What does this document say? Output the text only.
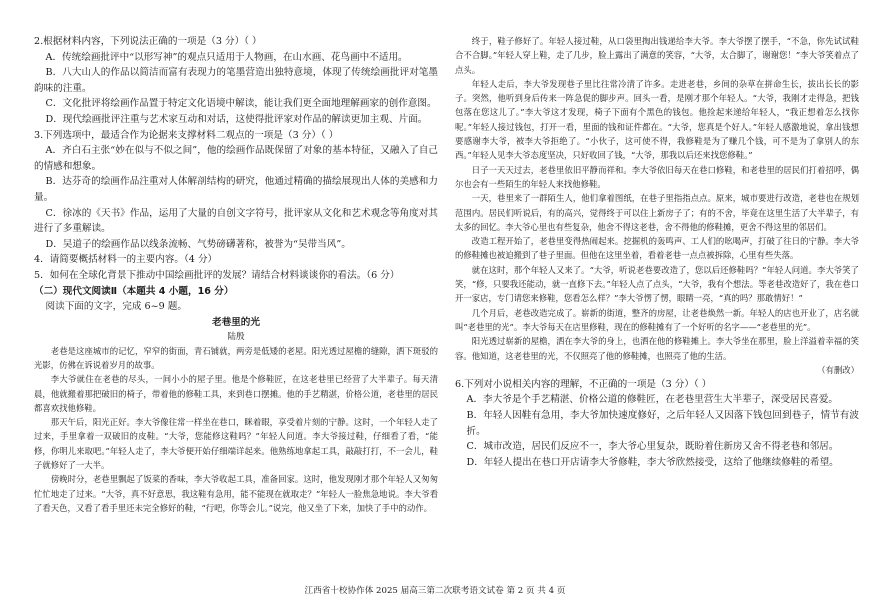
2.根据材料内容，下列说法正确的一项是（3 分）（ ）

A．传统绘画批评中“以形写神”的观点只适用于人物画，在山水画、花鸟画中不适用。

B．八大山人的作品以简洁而富有表现力的笔墨营造出独特意境，体现了传统绘画批评对笔墨韵味的注重。

C．文化批评将绘画作品置于特定文化语境中解读，能让我们更全面地理解画家的创作意图。

D．现代绘画批评注重与艺术家互动和对话，这使得批评家对作品的解读更加主观、片面。

3.下列选项中，最适合作为论据来支撑材料二观点的一项是（3 分）（ ）

A．齐白石主张“妙在似与不似之间”，他的绘画作品既保留了对象的基本特征，又融入了自己的情感和想象。

B．达芬奇的绘画作品注重对人体解剖结构的研究，他通过精确的描绘展现出人体的美感和力量。

C．徐冰的《天书》作品，运用了大量的自创文字符号，批评家从文化和艺术观念等角度对其进行了多重解读。

D．吴道子的绘画作品以线条流畅、气势磅礴著称，被誉为“吴带当风”。

4．请简要概括材料一的主要内容。（4 分）

5．如何在全球化背景下推动中国绘画批评的发展？请结合材料谈谈你的看法。（6 分）

（二）现代文阅读Ⅱ（本题共 4 小题，16 分）

阅读下面的文字，完成 6~9 题。

老巷里的光

陆殷

老巷是这座城市的记忆，窄窄的街面，青石铺就，两旁是低矮的老屋。阳光透过屋檐的缝隙，洒下斑驳的光影，仿佛在诉说着岁月的故事。

李大爷就住在老巷的尽头，一间小小的屋子里。他是个修鞋匠，在这老巷里已经营了大半辈子。每天清晨，他就搬着那把破旧的椅子，带着他的修鞋工具，来到巷口摆摊。他的手艺精湛，价格公道，老巷里的居民都喜欢找他修鞋。

那天午后，阳光正好。李大爷像往常一样坐在巷口，眯着眼，享受着片刻的宁静。这时，一个年轻人走了过来，手里拿着一双破旧的皮鞋。“大爷，您能修这鞋吗？”年轻人问道。李大爷接过鞋，仔细看了看，“能修，你明儿来取吧。”年轻人走了，李大爷便开始仔细端详起来。他熟练地拿起工具，敲敲打打，不一会儿，鞋子就修好了一大半。

傍晚时分，老巷里飘起了饭菜的香味，李大爷收起工具，准备回家。这时，他发现刚才那个年轻人又匆匆忙忙地走了过来。“大爷，真不好意思，我这鞋有急用，能不能现在就取走？”年轻人一脸焦急地说。李大爷看了看天色，又看了看手里还未完全修好的鞋，“行吧，你等会儿。”说完，他又坐了下来，加快了手中的动作。

终于，鞋子修好了。年轻人接过鞋，从口袋里掏出钱递给李大爷。李大爷摆了摆手，“不急，你先试试鞋合不合脚。”年轻人穿上鞋，走了几步，脸上露出了满意的笑容，“大爷，太合脚了，谢谢您！”李大爷笑着点了点头。

年轻人走后，李大爷发现巷子里比往常冷清了许多。走进老巷，乡间的杂草在拼命生长，拔出长长的影子。突然，他听到身后传来一阵急促的脚步声。回头一看，是刚才那个年轻人。“大爷，我刚才走得急，把钱包落在您这儿了。”李大爷这才发现，椅子下面有个黑色的钱包。他捡起来递给年轻人，“我正想着怎么找你呢。”年轻人接过钱包，打开一看，里面的钱和证件都在。“大爷，您真是个好人。”年轻人感激地说，拿出钱想要感谢李大爷，被李大爷拒绝了。“小伙子，这可使不得，我修鞋是为了赚几个钱，可不是为了拿别人的东西。”年轻人见李大爷态度坚决，只好收回了钱，“大爷，那我以后还来找您修鞋。”

日子一天天过去，老巷里依旧平静而祥和。李大爷依旧每天在巷口修鞋，和老巷里的居民们打着招呼，偶尔也会有一些陌生的年轻人来找他修鞋。

一天，巷里来了一群陌生人，他们拿着图纸，在巷子里指指点点。原来，城市要进行改造，老巷也在规划范围内。居民们听说后，有的高兴，觉得终于可以住上新房子了；有的不舍，毕竟在这里生活了大半辈子，有太多的回忆。李大爷心里也有些复杂，他舍不得这老巷，舍不得他的修鞋摊，更舍不得这里的邻居们。

改造工程开始了，老巷里变得热闹起来。挖掘机的轰鸣声、工人们的吆喝声，打破了往日的宁静。李大爷的修鞋摊也被迫搬到了巷子里面。但他在这里坐着，看着老巷一点点被拆除，心里有些失落。

就在这时，那个年轻人又来了。“大爷，听说老巷要改造了，您以后还修鞋吗？”年轻人问道。李大爷笑了笑，“修，只要我还能动，就一直修下去。”年轻人点了点头，“大爷，我有个想法。等老巷改造好了，我在巷口开一家店，专门请您来修鞋，您看怎么样？”李大爷愣了愣，眼睛一亮，“真的吗？那敢情好！”

几个月后，老巷改造完成了。崭新的街道，整齐的房屋，让老巷焕然一新。年轻人的店也开业了，店名就叫“老巷里的光”。李大爷每天在店里修鞋，现在的修鞋摊有了一个好听的名字——“老巷里的光”。

阳光透过崭新的屋檐，洒在李大爷的身上，也洒在他的修鞋摊上。李大爷坐在那里，脸上洋溢着幸福的笑容。他知道，这老巷里的光，不仅照亮了他的修鞋摊，也照亮了他的生活。

（有删改）

6.下列对小说相关内容的理解，不正确的一项是（3 分）（ ）

A．李大爷是个手艺精湛、价格公道的修鞋匠，在老巷里营生大半辈子，深受居民喜爱。

B．年轻人因鞋有急用，李大爷加快速度修好，之后年轻人又因落下钱包回到巷子，情节有波折。

C．城市改造，居民们反应不一，李大爷心里复杂，既盼着住新房又舍不得老巷和邻居。

D．年轻人提出在巷口开店请李大爷修鞋，李大爷欣然接受，这给了他继续修鞋的希望。

江西省十校协作体 2025 届高三第二次联考语文试卷 第 2 页 共 4 页
